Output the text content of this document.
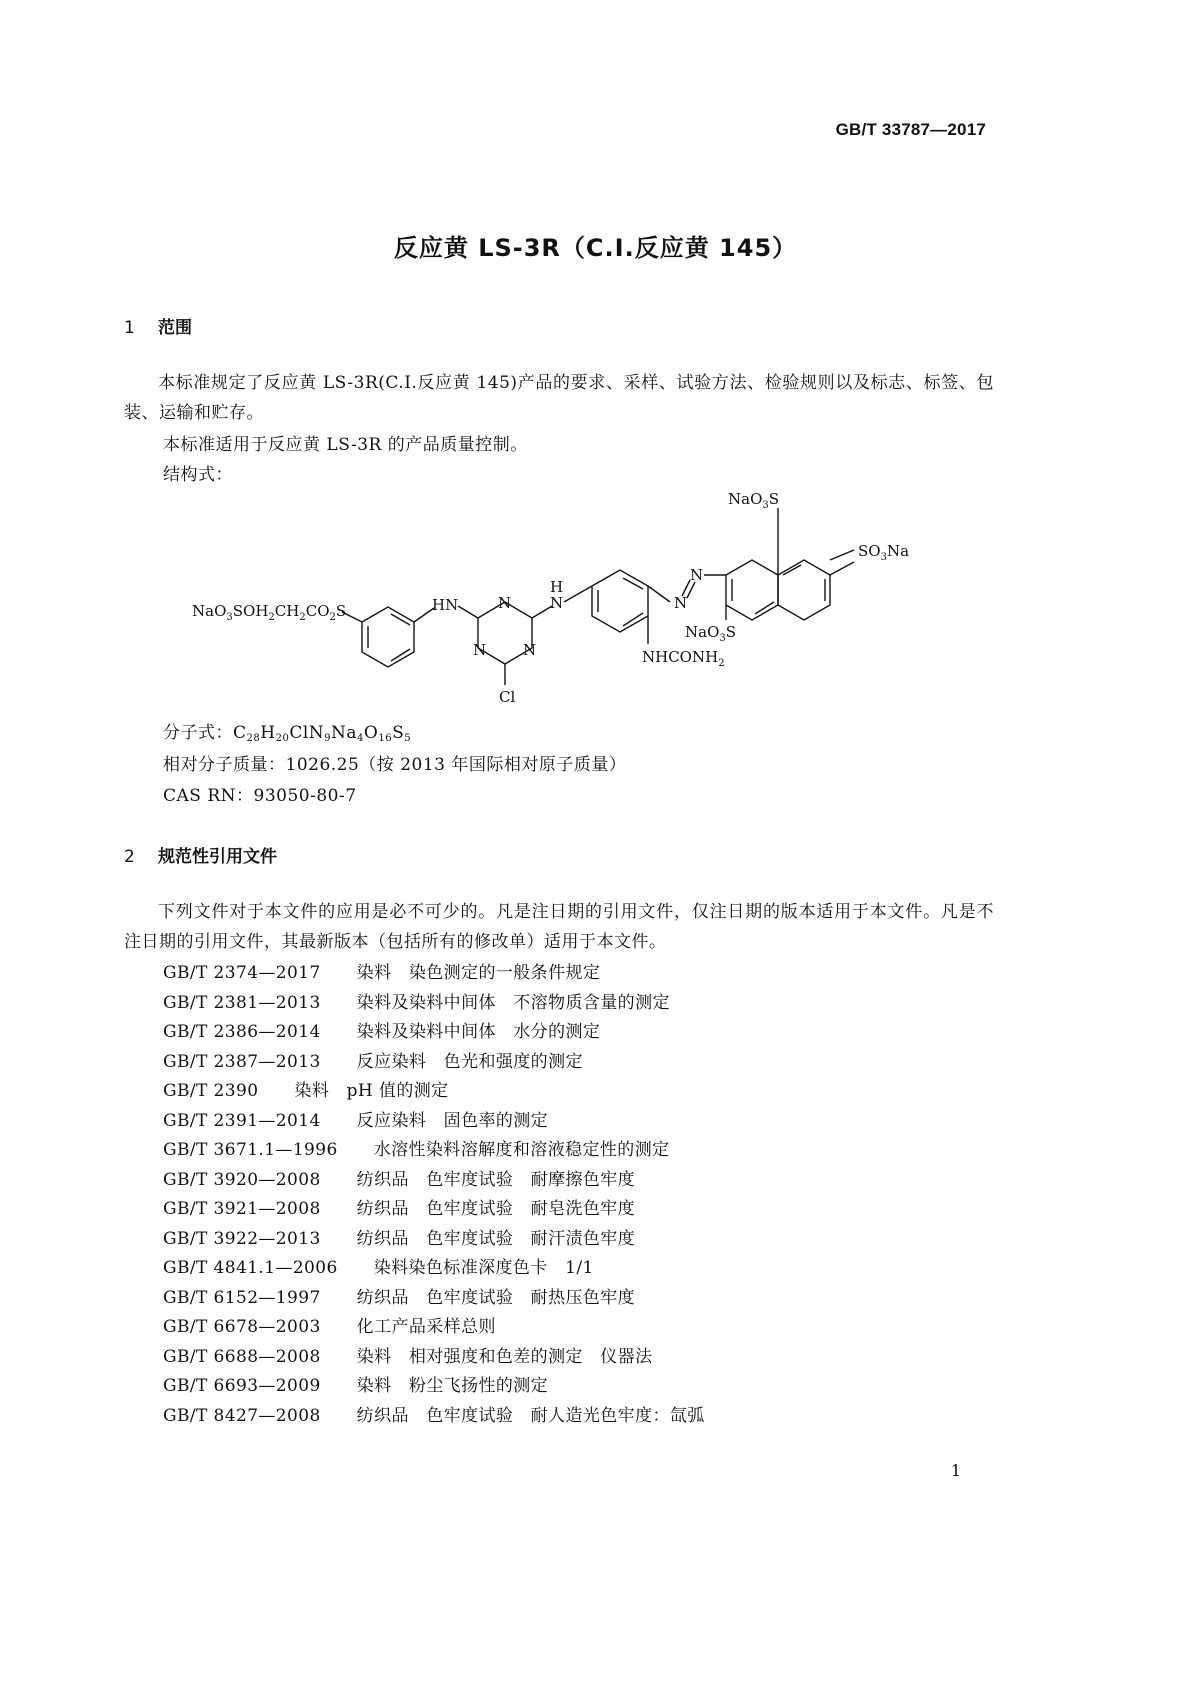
GB/T 33787—2017
反应黄 LS-3R（C.I.反应黄 145）
1 范围
本标准规定了反应黄 LS-3R(C.I.反应黄 145)产品的要求、采样、试验方法、检验规则以及标志、标签、包装、运输和贮存。
本标准适用于反应黄 LS-3R 的产品质量控制。
结构式：
$NaO_3SOH_2CH_2CO_2S$	HN	N
N N
Cl
H
N
$NHCONH_2$
N
N
NaO$_3$S
$SO_3Na$
NaO$_3$S
分子式：$C_{28}H_{20}ClN_9Na_4O_{16}S_5$
相对分子质量：1026.25（按 2013 年国际相对原子质量）
CAS RN：93050-80-7
2 规范性引用文件
下列文件对于本文件的应用是必不可少的。凡是注日期的引用文件，仅注日期的版本适用于本文件。凡是不注日期的引用文件，其最新版本（包括所有的修改单）适用于本文件。
GB/T 2374—2017 染料　染色测定的一般条件规定
GB/T 2381—2013 染料及染料中间体　不溶物质含量的测定
GB/T 2386—2014 染料及染料中间体　水分的测定
GB/T 2387—2013 反应染料　色光和强度的测定
GB/T 2390 染料　pH 值的测定
GB/T 2391—2014 反应染料　固色率的测定
GB/T 3671.1—1996 水溶性染料溶解度和溶液稳定性的测定
GB/T 3920—2008 纺织品　色牢度试验　耐摩擦色牢度
GB/T 3921—2008 纺织品　色牢度试验　耐皂洗色牢度
GB/T 3922—2013 纺织品　色牢度试验　耐汗渍色牢度
GB/T 4841.1—2006 染料染色标准深度色卡　1/1
GB/T 6152—1997 纺织品　色牢度试验　耐热压色牢度
GB/T 6678—2003 化工产品采样总则
GB/T 6688—2008 染料　相对强度和色差的测定　仪器法
GB/T 6693—2009 染料　粉尘飞扬性的测定
GB/T 8427—2008 纺织品　色牢度试验　耐人造光色牢度：氙弧
1
